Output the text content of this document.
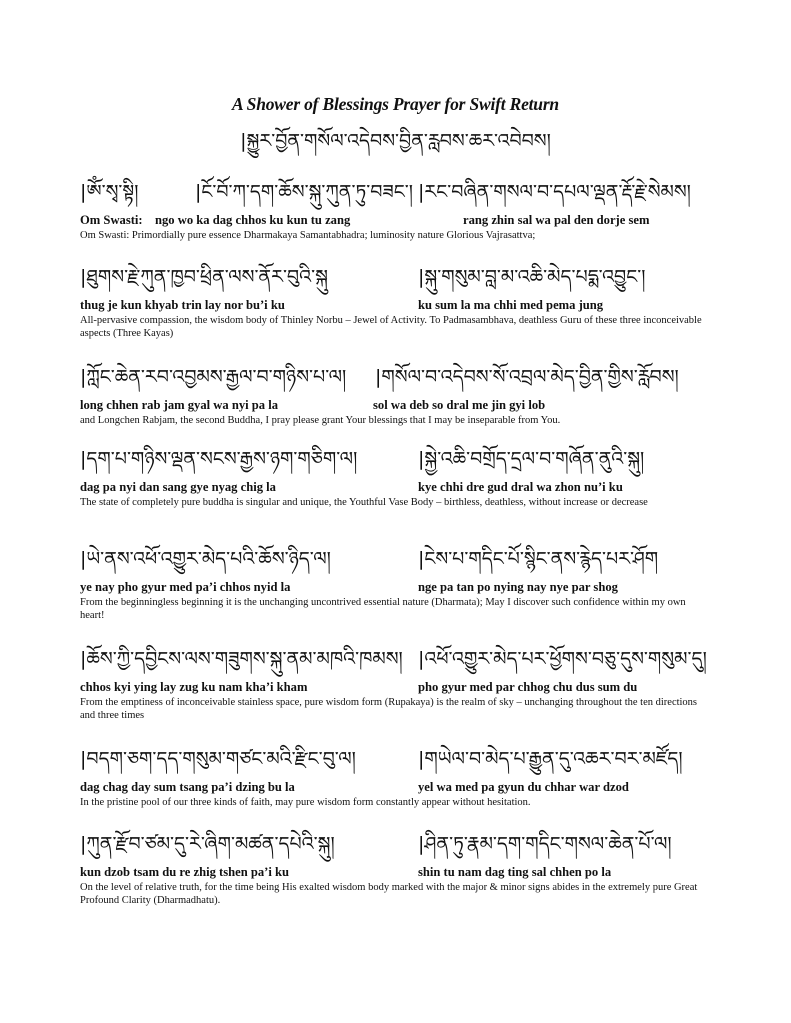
A Shower of Blessings Prayer for Swift Return
|སྐྱུར་བྱོན་གསོལ་འདེབས་བྱིན་རླབས་ཆར་འབེབས།
|ཨོཾ་སྭ་སྟི།	|ངོ་བོ་ཀ་དག་ཆོས་སྐུ་ཀུན་ཏུ་བཟང་། |རང་བཞིན་གསལ་བ་དཔལ་ལྡན་རྡོ་རྗེ་སེམས།
Om Swasti: ngo wo ka dag chhos ku kun tu zang	rang zhin sal wa pal den dorje sem
Om Swasti: Primordially pure essence Dharmakaya Samantabhadra; luminosity nature Glorious Vajrasattva;
|ཐུགས་རྗེ་ཀུན་ཁྱབ་ཕྲིན་ལས་ནོར་བུའི་སྐུ	|སྐུ་གསུམ་བླ་མ་འཆི་མེད་པདྨ་འབྱུང་།
thug je kun khyab trin lay nor bu’i ku	ku sum la ma chhi med pema jung
All-pervasive compassion, the wisdom body of Thinley Norbu – Jewel of Activity. To Padmasambhava, deathless Guru of these three inconceivable aspects (Three Kayas)
|ཀློང་ཆེན་རབ་འབྱམས་རྒྱལ་བ་གཉིས་པ་ལ། |གསོལ་བ་འདེབས་སོ་འབྲལ་མེད་བྱིན་གྱིས་རློབས།
long chhen rab jam gyal wa nyi pa la	sol wa deb so dral me jin gyi lob
and Longchen Rabjam, the second Buddha, I pray please grant Your blessings that I may be inseparable from You.
|དག་པ་གཉིས་ལྡན་སངས་རྒྱས་ཉག་གཅིག་ལ།	|སྐྱེ་འཆི་བགྲོད་དྲལ་བ་གཞོན་ནུའི་སྐུ།
dag pa nyi dan sang gye nyag chig la	kye chhi dre gud dral wa zhon nu’i ku
The state of completely pure buddha is singular and unique, the Youthful Vase Body – birthless, deathless, without increase or decrease
|ཡེ་ནས་འཕོ་འགྱུར་མེད་པའི་ཆོས་ཉིད་ལ།	|ངེས་པ་གདིང་པོ་སྙིང་ནས་རྙེད་པར་ཤོག
ye nay pho gyur med pa’i chhos nyid la	nge pa tan po nying nay nye par shog
From the beginningless beginning it is the unchanging uncontrived essential nature (Dharmata); May I discover such confidence within my own heart!
|ཆོས་ཀྱི་དབྱིངས་ལས་གཟུགས་སྐུ་ནམ་མཁའི་ཁམས། |འཕོ་འགྱུར་མེད་པར་ཕྱོགས་བཅུ་དུས་གསུམ་དུ།
chhos kyi ying lay zug ku nam kha’i kham	pho gyur med par chhog chu dus sum du
From the emptiness of inconceivable stainless space, pure wisdom form (Rupakaya) is the realm of sky – unchanging throughout the ten directions and three times
|བདག་ཅག་དད་གསུམ་གཙང་མའི་རྫིང་བུ་ལ།	|གཡེལ་བ་མེད་པ་རྒྱུན་དུ་འཆར་བར་མཛོད།
dag chag day sum tsang pa’i dzing bu la	yel wa med pa gyun du chhar war dzod
In the pristine pool of our three kinds of faith, may pure wisdom form constantly appear without hesitation.
|ཀུན་རྫོབ་ཙམ་དུ་རེ་ཞིག་མཚན་དཔེའི་སྐུ།	|ཤིན་ཏུ་རྣམ་དག་གདིང་གསལ་ཆེན་པོ་ལ།
kun dzob tsam du re zhig tshen pa’i ku	shin tu nam dag ting sal chhen po la
On the level of relative truth, for the time being His exalted wisdom body marked with the major & minor signs abides in the extremely pure Great Profound Clarity (Dharmadhatu).
